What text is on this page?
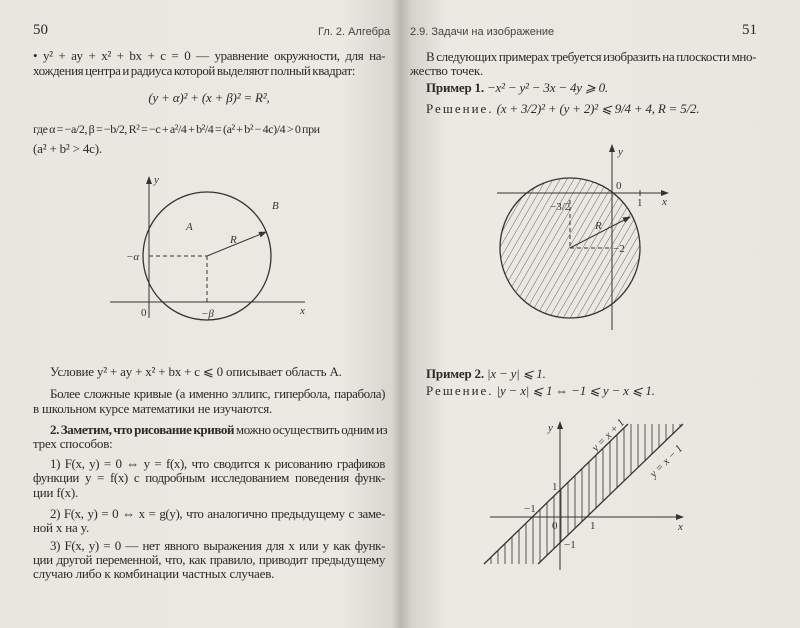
50	Гл. 2. Алгебра
• y² + ay + x² + bx + c = 0 — уравнение окружности, для на-
хождения центра и радиуса которой выделяют полный квадрат:
(y + α)² + (x + β)² = R²,
где α = −a/2, β = −b/2, R² = −c + a²/4 + b²/4 = (a² + b² − 4c)/4 > 0 при
(a² + b² > 4c).
y
x
0
A
B
R
−α
−β
Условие y² + ay + x² + bx + c ⩽ 0 описывает область A.
Более сложные кривые (а именно эллипс, гипербола, парабола)
в школьном курсе математики не изучаются.
2. Заметим, что рисование кривой можно осуществить одним из
трех способов:
1) F(x, y) = 0 ⇔ y = f(x), что сводится к рисованию графиков
функции y = f(x) с подробным исследованием поведения функ-
ции f(x).
2) F(x, y) = 0 ⇔ x = g(y), что аналогично предыдущему с заме-
ной x на y.
3) F(x, y) = 0 — нет явного выражения для x или y как функ-
ции другой переменной, что, как правило, приводит предыдущему
случаю либо к комбинации частных случаев.
2.9. Задачи на изображение	51
В следующих примерах требуется изобразить на плоскости мно-
жество точек.
Пример 1. −x² − y² − 3x − 4y ⩾ 0.
Решение. (x + 3/2)² + (y + 2)² ⩽ 9/4 + 4, R = 5/2.
y
x
0
1
−3/2
−2
R
y
x
0	1
−1
1
−1
y = x + 1
y = x − 1
Пример 2. |x − y| ⩽ 1.
Решение. |y − x| ⩽ 1 ⇔ −1 ⩽ y − x ⩽ 1.
